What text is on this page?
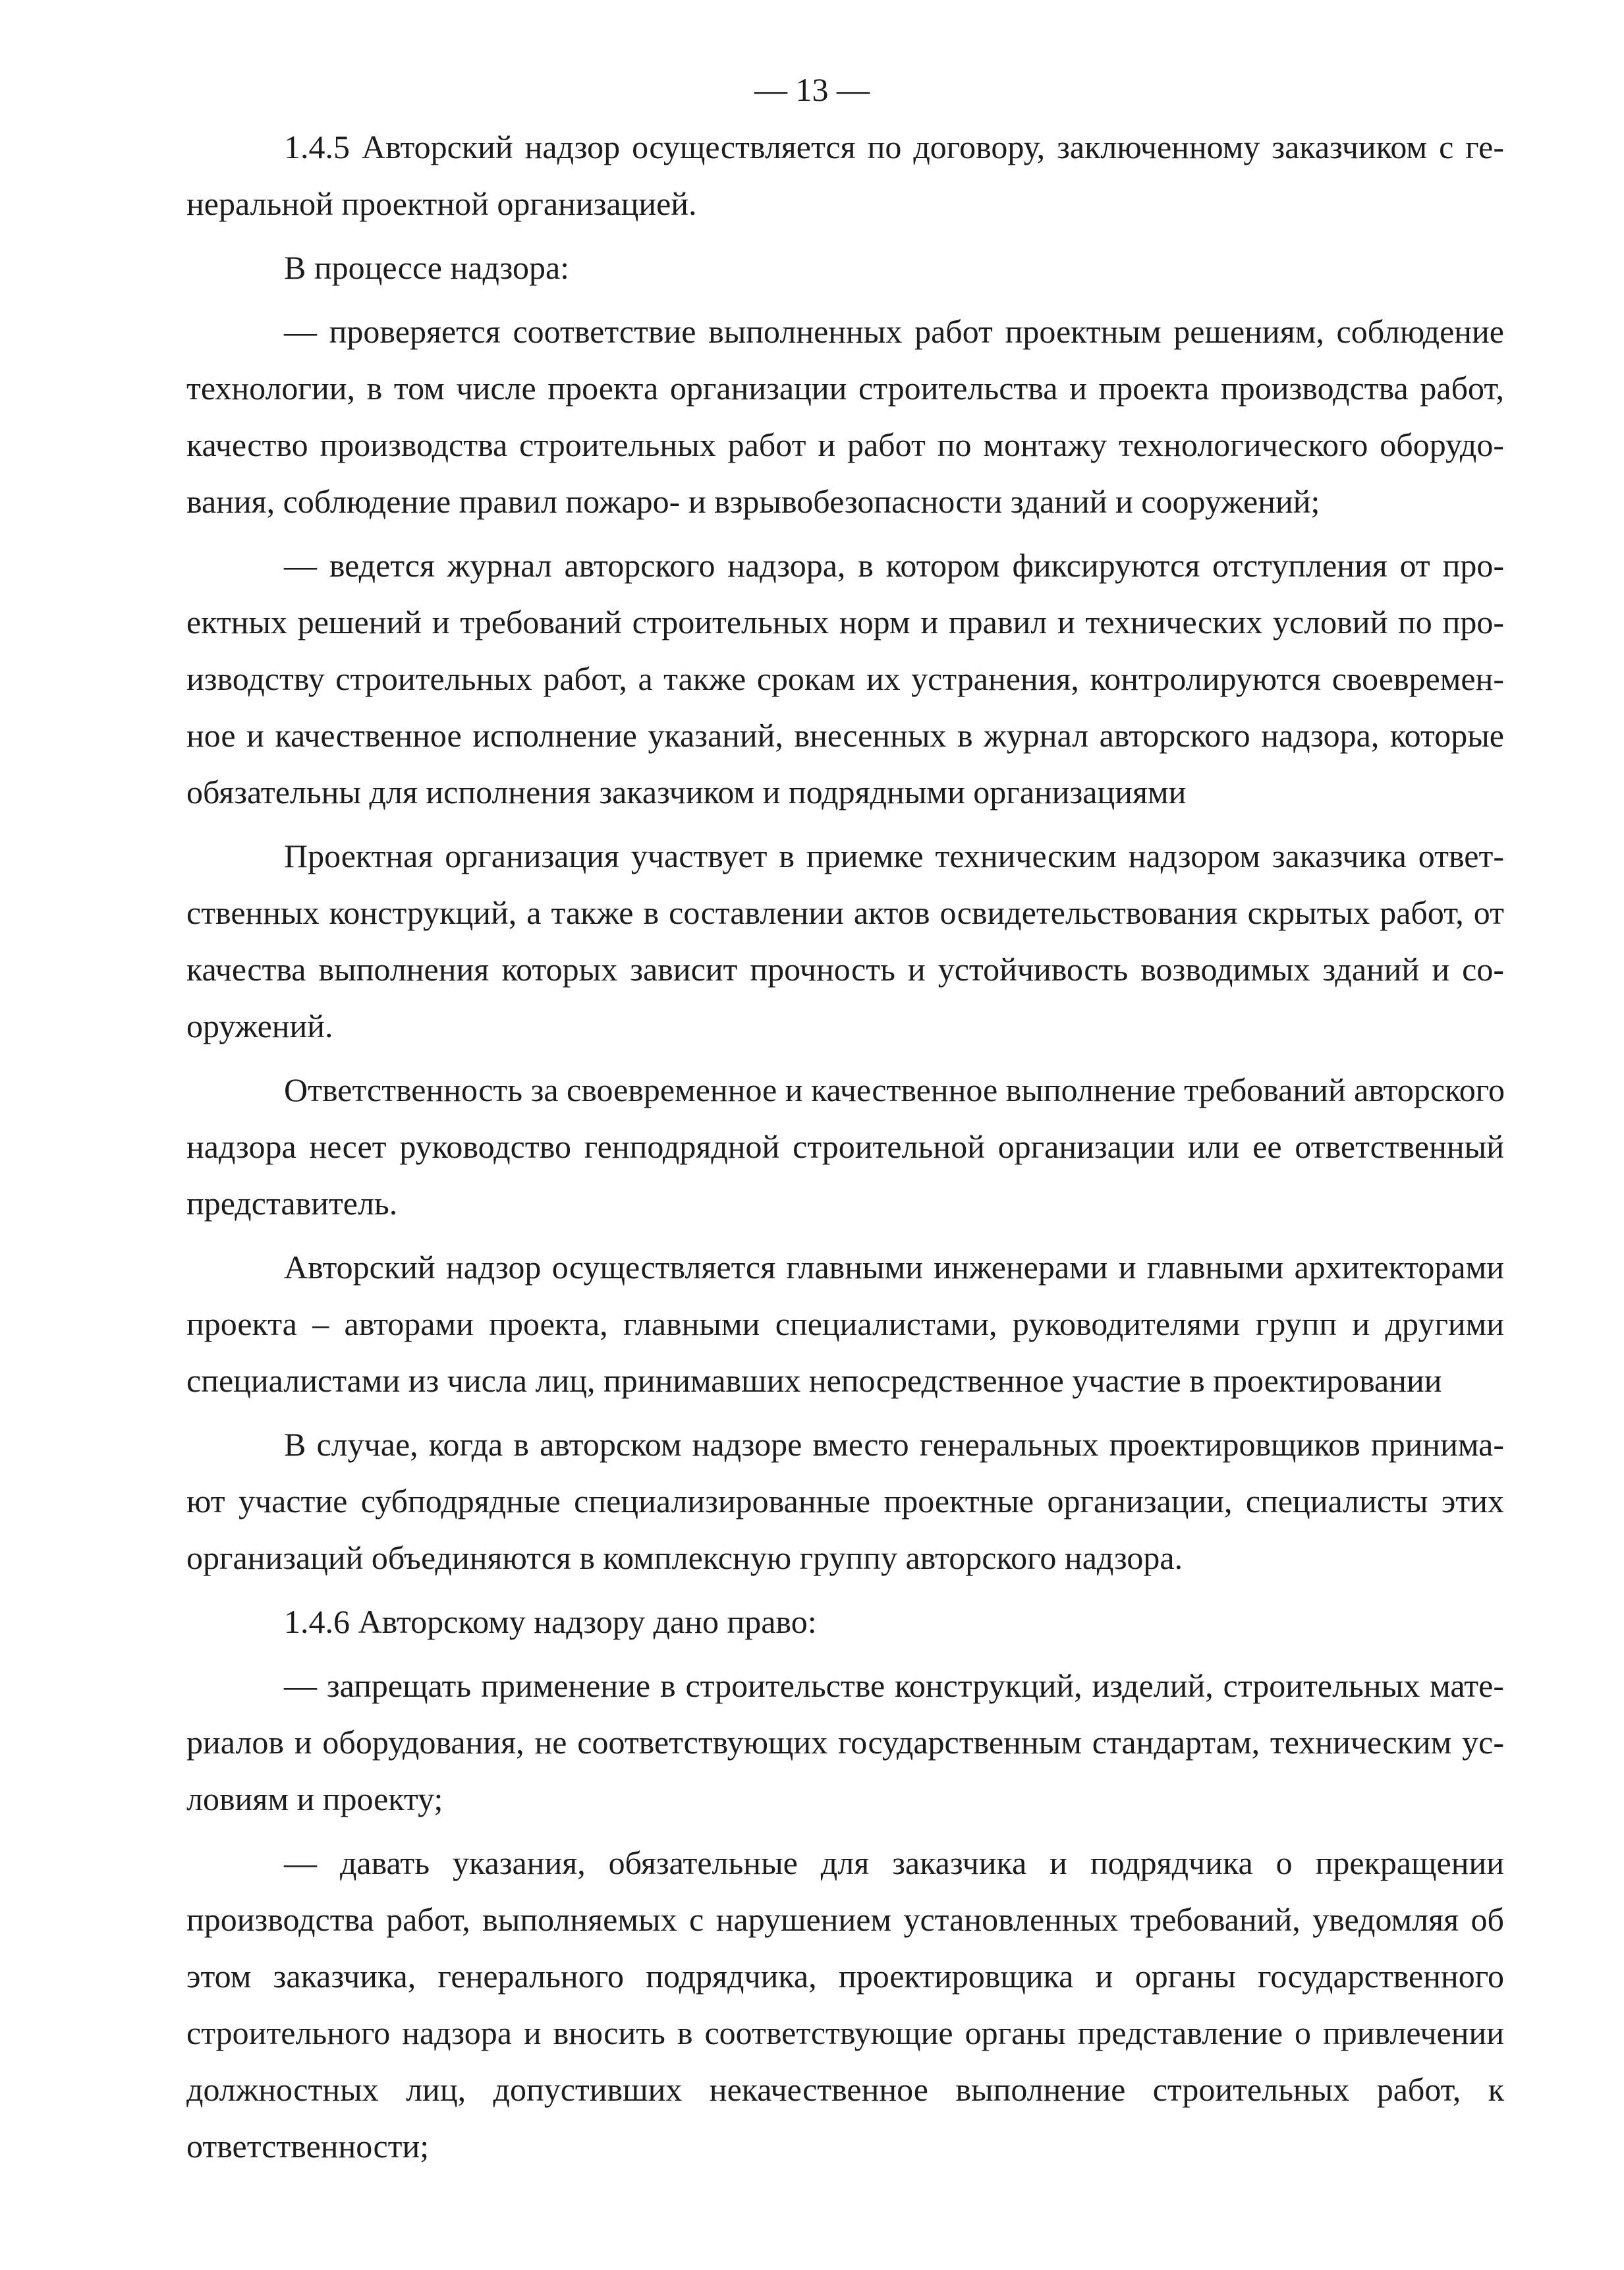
— 13 —
1.4.5 Авторский надзор осуществляется по договору, заключенному заказчиком с ге-
неральной проектной организацией.
В процессе надзора:
— проверяется соответствие выполненных работ проектным решениям, соблюдение
технологии, в том числе проекта организации строительства и проекта производства работ,
качество производства строительных работ и работ по монтажу технологического оборудо-
вания, соблюдение правил пожаро- и взрывобезопасности зданий и сооружений;
— ведется журнал авторского надзора, в котором фиксируются отступления от про-
ектных решений и требований строительных норм и правил и технических условий по про-
изводству строительных работ, а также срокам их устранения, контролируются своевремен-
ное и качественное исполнение указаний, внесенных в журнал авторского надзора, которые
обязательны для исполнения заказчиком и подрядными организациями
Проектная организация участвует в приемке техническим надзором заказчика ответ-
ственных конструкций, а также в составлении актов освидетельствования скрытых работ, от
качества выполнения которых зависит прочность и устойчивость возводимых зданий и со-
оружений.
Ответственность за своевременное и качественное выполнение требований авторского
надзора несет руководство генподрядной строительной организации или ее ответственный
представитель.
Авторский надзор осуществляется главными инженерами и главными архитекторами
проекта – авторами проекта, главными специалистами, руководителями групп и другими
специалистами из числа лиц, принимавших непосредственное участие в проектировании
В случае, когда в авторском надзоре вместо генеральных проектировщиков принима-
ют участие субподрядные специализированные проектные организации, специалисты этих
организаций объединяются в комплексную группу авторского надзора.
1.4.6 Авторскому надзору дано право:
— запрещать применение в строительстве конструкций, изделий, строительных мате-
риалов и оборудования, не соответствующих государственным стандартам, техническим ус-
ловиям и проекту;
— давать указания, обязательные для заказчика и подрядчика о прекращении
производства работ, выполняемых с нарушением установленных требований, уведомляя об
этом заказчика, генерального подрядчика, проектировщика и органы государственного
строительного надзора и вносить в соответствующие органы представление о привлечении
должностных лиц, допустивших некачественное выполнение строительных работ, к
ответственности;
